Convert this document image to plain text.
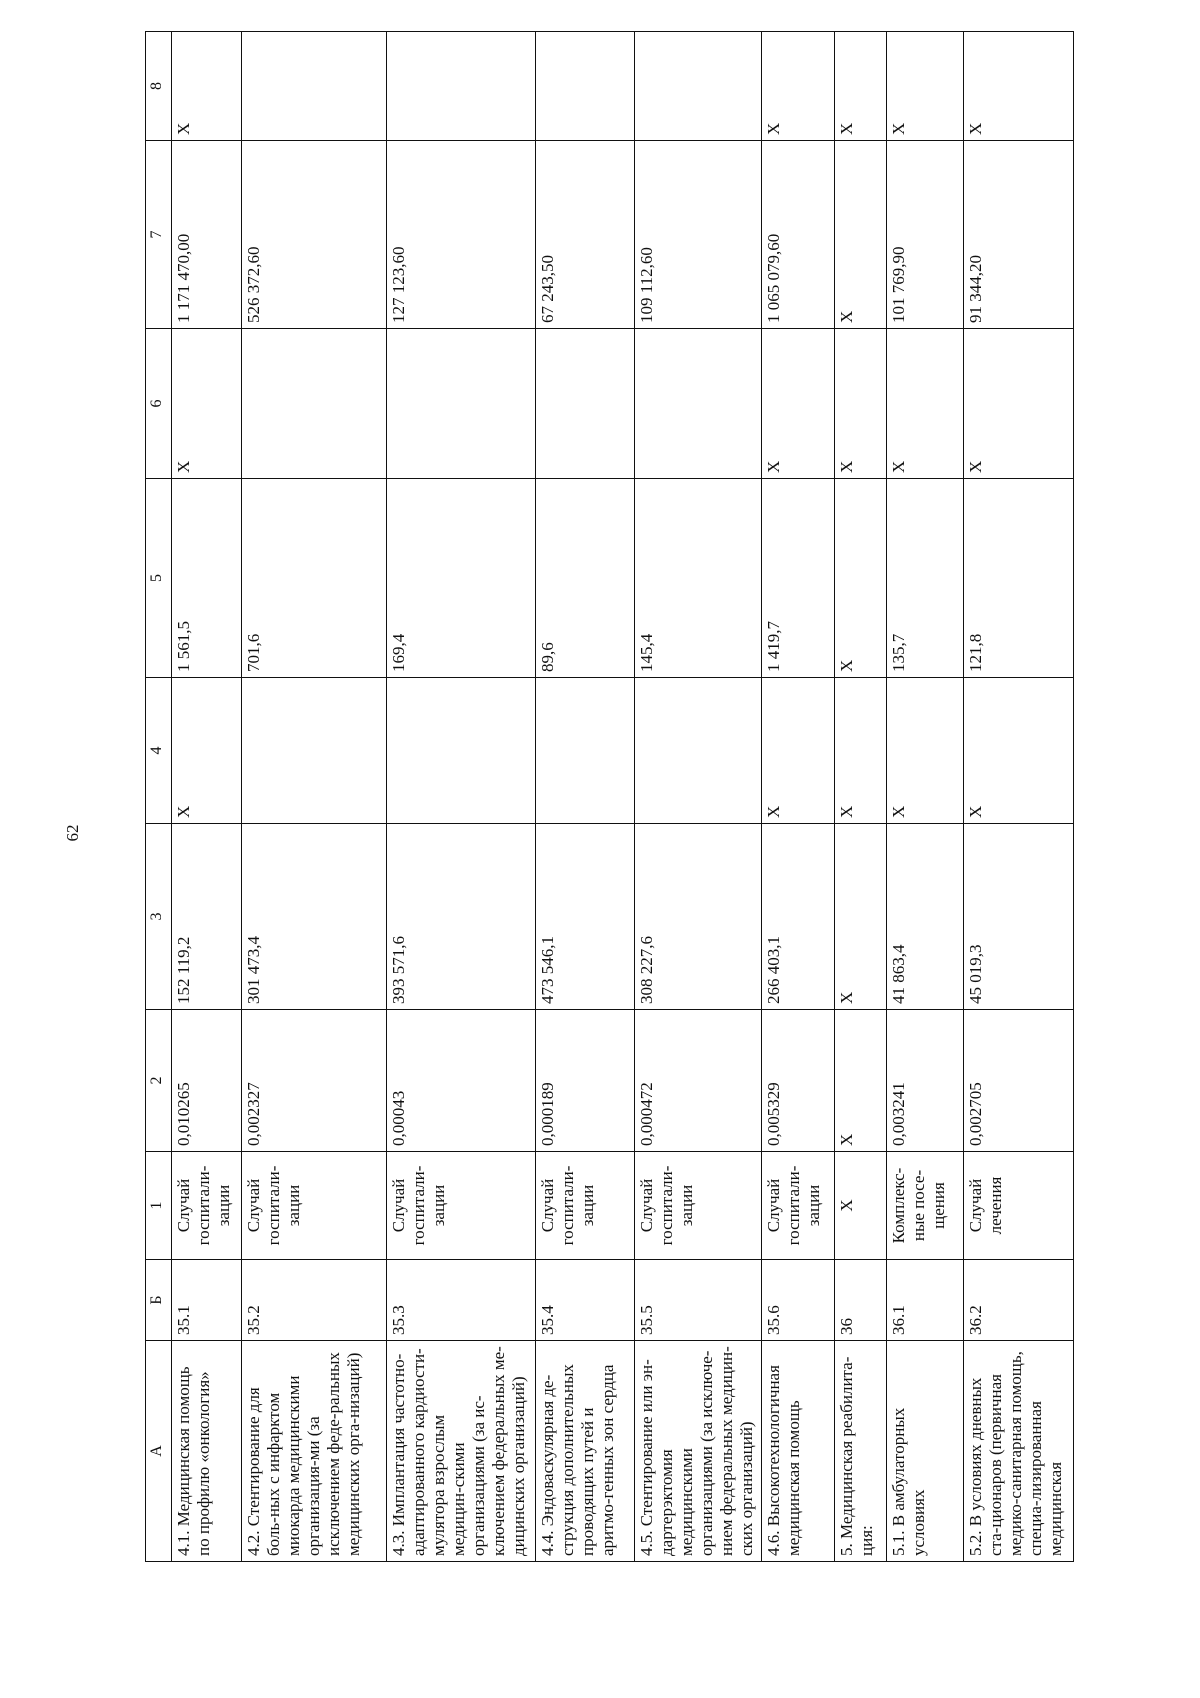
62
А	Б	1	2	3	4	5	6	7	8
4.1. Медицинская помощь по профилю «онкология»	35.1	Случай госпитали-зации	0,010265	152 119,2	X	1 561,5	X	1 171 470,00	X
4.2. Стентирование для боль-ных с инфарктом миокарда медицинскими организация-ми (за исключением феде-ральных медицинских орга-низаций)	35.2	Случай госпитали-зации	0,002327	301 473,4		701,6		526 372,60	
4.3. Имплантация частотно-адаптированного кардиости-мулятора взрослым медицин-скими организациями (за ис-ключением федеральных ме-дицинских организаций)	35.3	Случай госпитали-зации	0,00043	393 571,6		169,4		127 123,60	
4.4. Эндоваскулярная де-струкция дополнительных проводящих путей и аритмо-генных зон сердца	35.4	Случай госпитали-зации	0,000189	473 546,1		89,6		67 243,50	
4.5. Стентирование или эн-дартерэктомия медицинскими организациями (за исключе-нием федеральных медицин-ских организаций)	35.5	Случай госпитали-зации	0,000472	308 227,6		145,4		109 112,60	
4.6. Высокотехнологичная медицинская помощь	35.6	Случай госпитали-зации	0,005329	266 403,1	X	1 419,7	X	1 065 079,60	X
5. Медицинская реабилита-ция:	36	X	X	X	X	X	X	X	X
5.1. В амбулаторных условиях	36.1	Комплекс-ные посе-щения	0,003241	41 863,4	X	135,7	X	101 769,90	X
5.2. В условиях дневных ста-ционаров (первичная медико-санитарная помощь, специа-лизированная медицинская	36.2	Случай лечения	0,002705	45 019,3	X	121,8	X	91 344,20	X
